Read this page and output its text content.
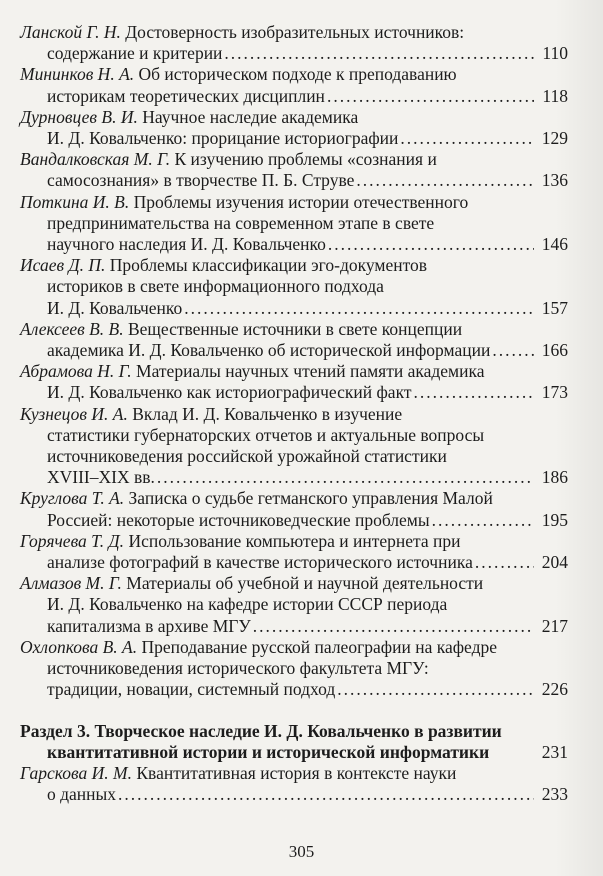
Ланской Г. Н.
Достоверность изобразительных источников:
содержание и критерии .....	110
Мининков Н. А.
Об историческом подходе к преподаванию
историкам теоретических дисциплин .....	118
Дурновцев В. И.
Научное наследие академика
И. Д. Ковальченко: прорицание историографии .....	129
Вандалковская М. Г.
К изучению проблемы «сознания и
самосознания» в творчестве П. Б. Струве .....	136
Поткина И. В.
Проблемы изучения истории отечественного
предпринимательства на современном этапе в свете
научного наследия И. Д. Ковальченко .....	146
Исаев Д. П.
Проблемы классификации эго-документов
историков в свете информационного подхода
И. Д. Ковальченко .....	157
Алексеев В. В.
Вещественные источники в свете концепции
академика И. Д. Ковальченко об исторической информации .....	166
Абрамова Н. Г.
Материалы научных чтений памяти академика
И. Д. Ковальченко как историографический факт .....	173
Кузнецов И. А.
Вклад И. Д. Ковальченко в изучение
статистики губернаторских отчетов и актуальные вопросы
источниковедения российской урожайной статистики
XVIII–XIX вв. .....	186
Круглова Т. А.
Записка о судьбе гетманского управления Малой
Россией: некоторые источниковедческие проблемы .....	195
Горячева Т. Д.
Использование компьютера и интернета при
анализе фотографий в качестве исторического источника .....	204
Алмазов М. Г.
Материалы об учебной и научной деятельности
И. Д. Ковальченко на кафедре истории СССР периода
капитализма в архиве МГУ .....	217
Охлопкова В. А.
Преподавание русской палеографии на кафедре
источниковедения исторического факультета МГУ:
традиции, новации, системный подход .....	226
Раздел 3. Творческое наследие И. Д. Ковальченко в развитии
квантитативной истории и исторической информатики	231
Гарскова И. М.
Квантитативная история в контексте науки
о данных .....	233
305
